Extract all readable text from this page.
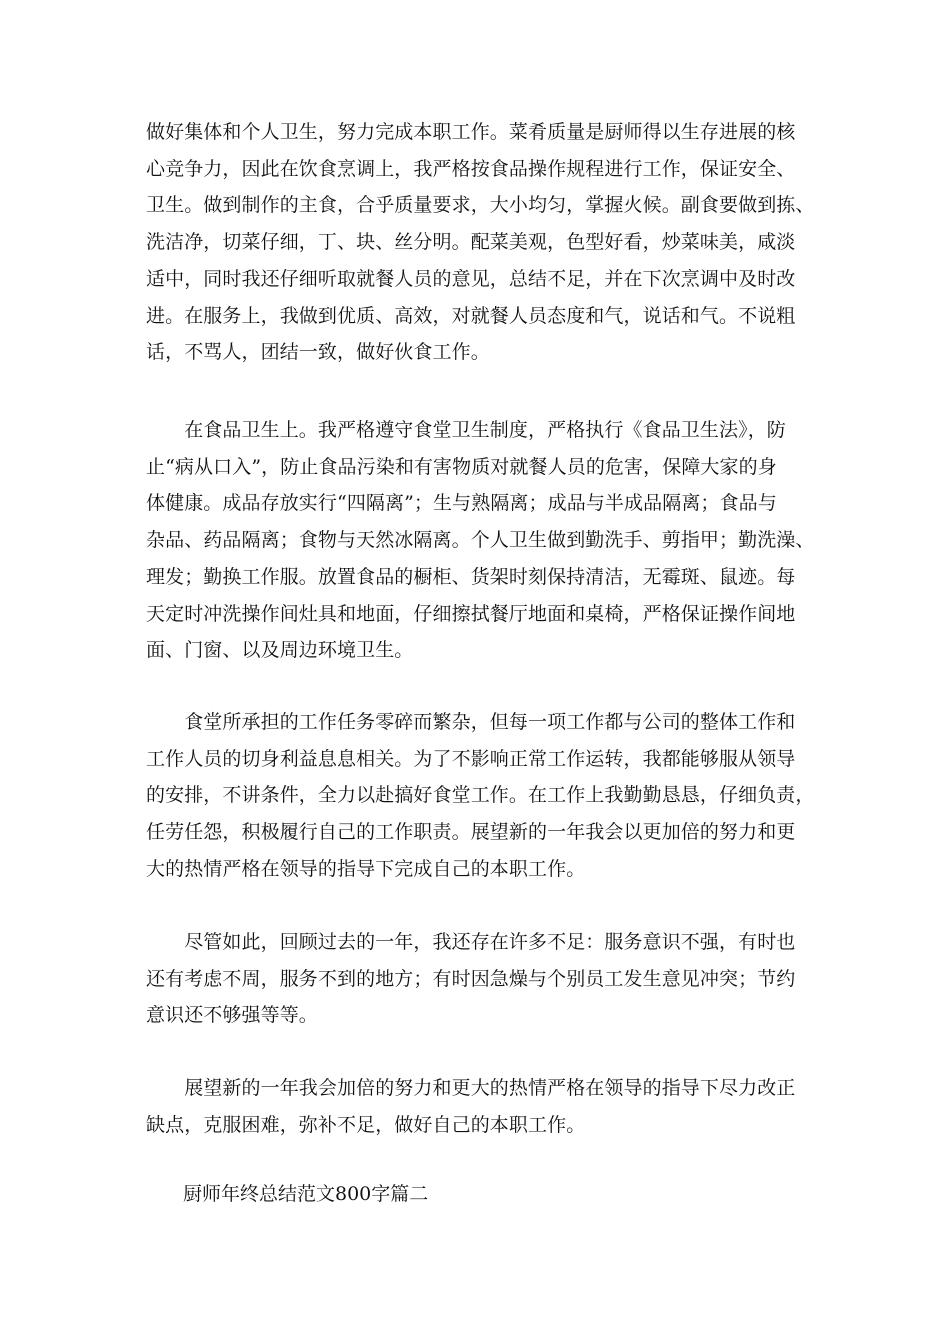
做好集体和个人卫生，努力完成本职工作。菜肴质量是厨师得以生存进展的核
心竞争力，因此在饮食烹调上，我严格按食品操作规程进行工作，保证安全、
卫生。做到制作的主食，合乎质量要求，大小均匀，掌握火候。副食要做到拣、
洗洁净，切菜仔细，丁、块、丝分明。配菜美观，色型好看，炒菜味美，咸淡
适中，同时我还仔细听取就餐人员的意见，总结不足，并在下次烹调中及时改
进。在服务上，我做到优质、高效，对就餐人员态度和气，说话和气。不说粗
话，不骂人，团结一致，做好伙食工作。
　　在食品卫生上。我严格遵守食堂卫生制度，严格执行《食品卫生法》，防
止“病从口入”，防止食品污染和有害物质对就餐人员的危害，保障大家的身
体健康。成品存放实行“四隔离”；生与熟隔离；成品与半成品隔离；食品与
杂品、药品隔离；食物与天然冰隔离。个人卫生做到勤洗手、剪指甲；勤洗澡、
理发；勤换工作服。放置食品的橱柜、货架时刻保持清洁，无霉斑、鼠迹。每
天定时冲洗操作间灶具和地面，仔细擦拭餐厅地面和桌椅，严格保证操作间地
面、门窗、以及周边环境卫生。
　　食堂所承担的工作任务零碎而繁杂，但每一项工作都与公司的整体工作和
工作人员的切身利益息息相关。为了不影响正常工作运转，我都能够服从领导
的安排，不讲条件，全力以赴搞好食堂工作。在工作上我勤勤恳恳，仔细负责，
任劳任怨，积极履行自己的工作职责。展望新的一年我会以更加倍的努力和更
大的热情严格在领导的指导下完成自己的本职工作。
　　尽管如此，回顾过去的一年，我还存在许多不足：服务意识不强，有时也
还有考虑不周，服务不到的地方；有时因急燥与个别员工发生意见冲突；节约
意识还不够强等等。
　　展望新的一年我会加倍的努力和更大的热情严格在领导的指导下尽力改正
缺点，克服困难，弥补不足，做好自己的本职工作。
厨师年终总结范文800字篇二
